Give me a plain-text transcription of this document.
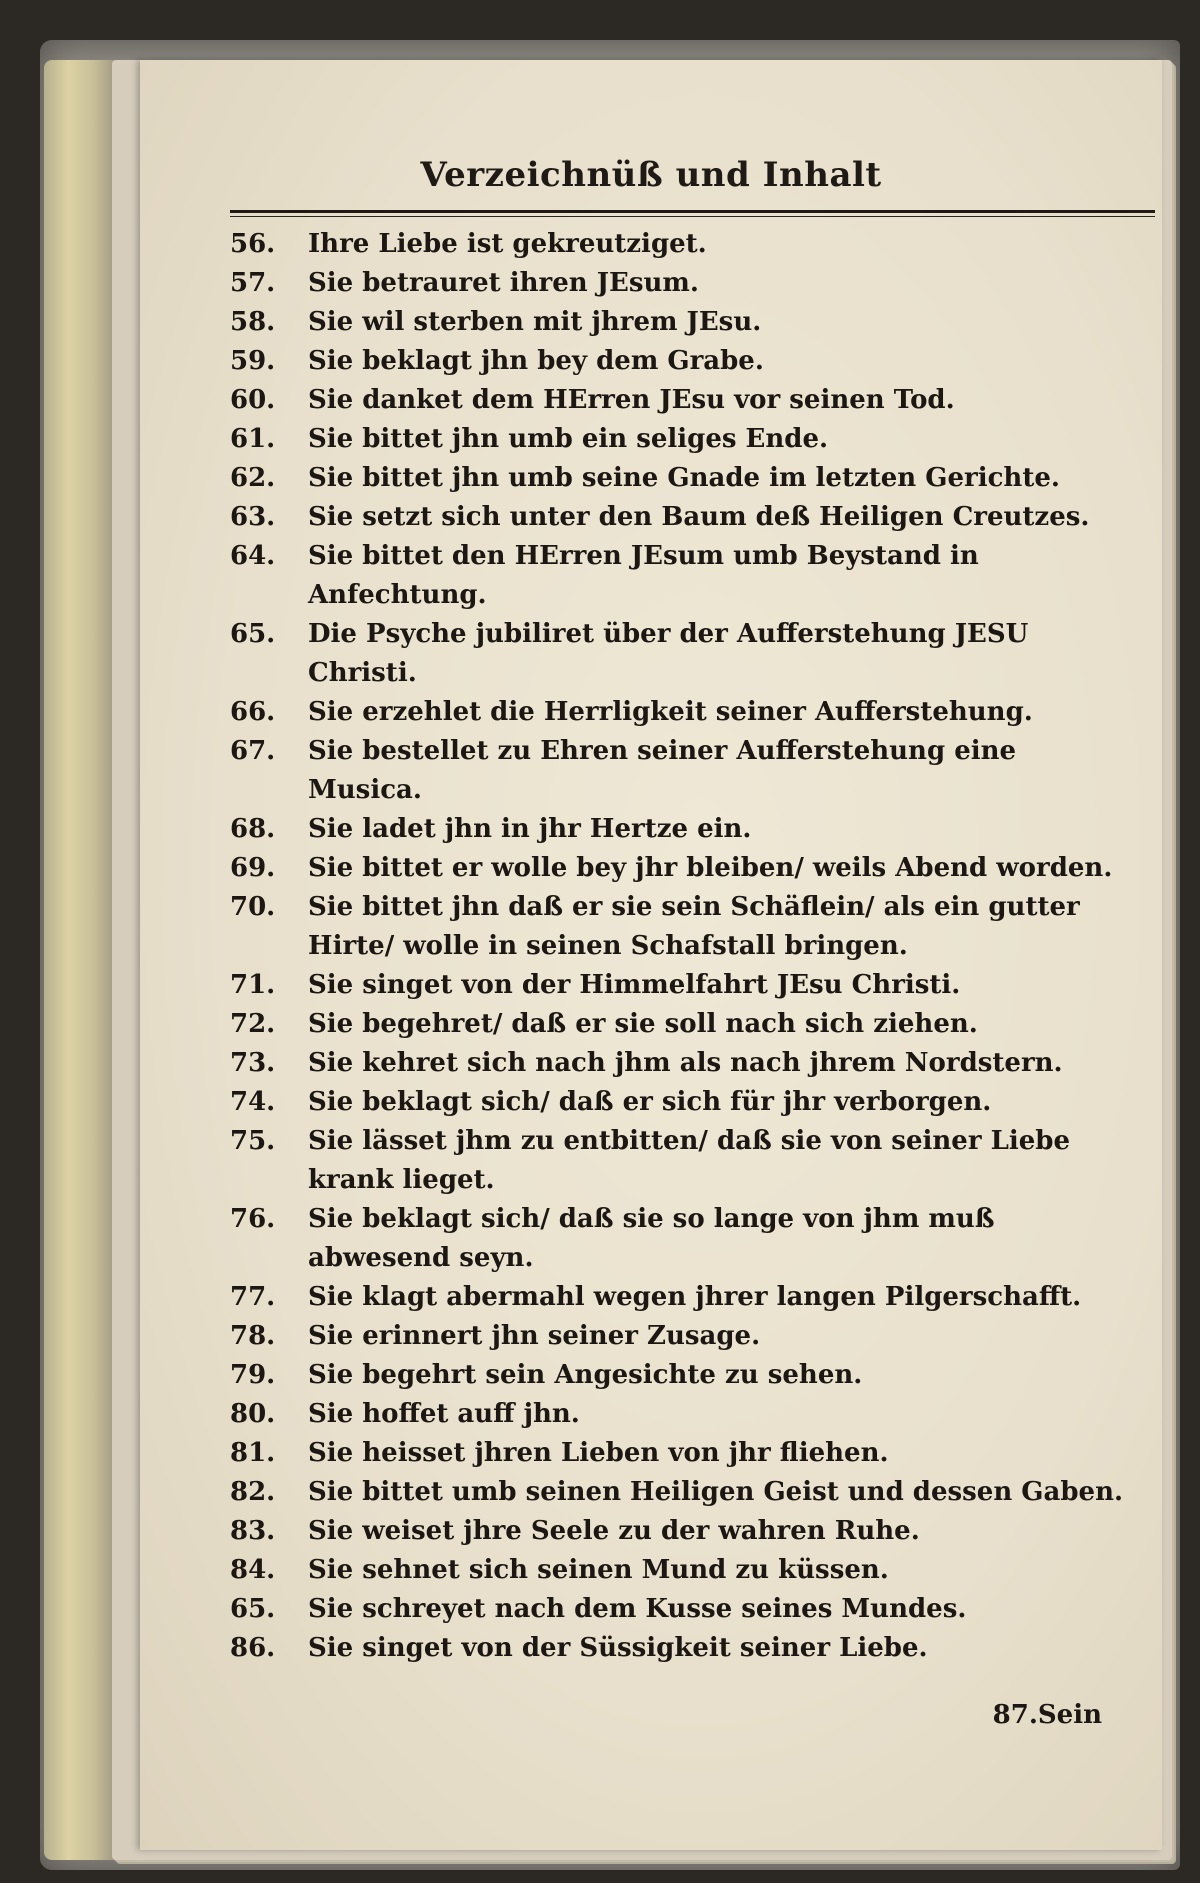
Verzeichnüß und Inhalt
56.	Ihre Liebe ist gekreutziget.
57.	Sie betrauret ihren JEsum.
58.	Sie wil sterben mit jhrem JEsu.
59.	Sie beklagt jhn bey dem Grabe.
60.	Sie danket dem HErren JEsu vor seinen Tod.
61.	Sie bittet jhn umb ein seliges Ende.
62.	Sie bittet jhn umb seine Gnade im letzten Gerichte.
63.	Sie setzt sich unter den Baum deß Heiligen Creutzes.
64.	Sie bittet den HErren JEsum umb Beystand in Anfechtung.
65.	Die Psyche jubiliret über der Aufferstehung JESU Christi.
66.	Sie erzehlet die Herrligkeit seiner Aufferstehung.
67.	Sie bestellet zu Ehren seiner Aufferstehung eine Musica.
68.	Sie ladet jhn in jhr Hertze ein.
69.	Sie bittet er wolle bey jhr bleiben/ weils Abend worden.
70.	Sie bittet jhn daß er sie sein Schäflein/ als ein gutter Hirte/ wolle in seinen Schafstall bringen.
71.	Sie singet von der Himmelfahrt JEsu Christi.
72.	Sie begehret/ daß er sie soll nach sich ziehen.
73.	Sie kehret sich nach jhm als nach jhrem Nordstern.
74.	Sie beklagt sich/ daß er sich für jhr verborgen.
75.	Sie lässet jhm zu entbitten/ daß sie von seiner Liebe krank lieget.
76.	Sie beklagt sich/ daß sie so lange von jhm muß abwesend seyn.
77.	Sie klagt abermahl wegen jhrer langen Pilgerschafft.
78.	Sie erinnert jhn seiner Zusage.
79.	Sie begehrt sein Angesichte zu sehen.
80.	Sie hoffet auff jhn.
81.	Sie heisset jhren Lieben von jhr fliehen.
82.	Sie bittet umb seinen Heiligen Geist und dessen Gaben.
83.	Sie weiset jhre Seele zu der wahren Ruhe.
84.	Sie sehnet sich seinen Mund zu küssen.
65.	Sie schreyet nach dem Kusse seines Mundes.
86.	Sie singet von der Süssigkeit seiner Liebe.
87.Sein
